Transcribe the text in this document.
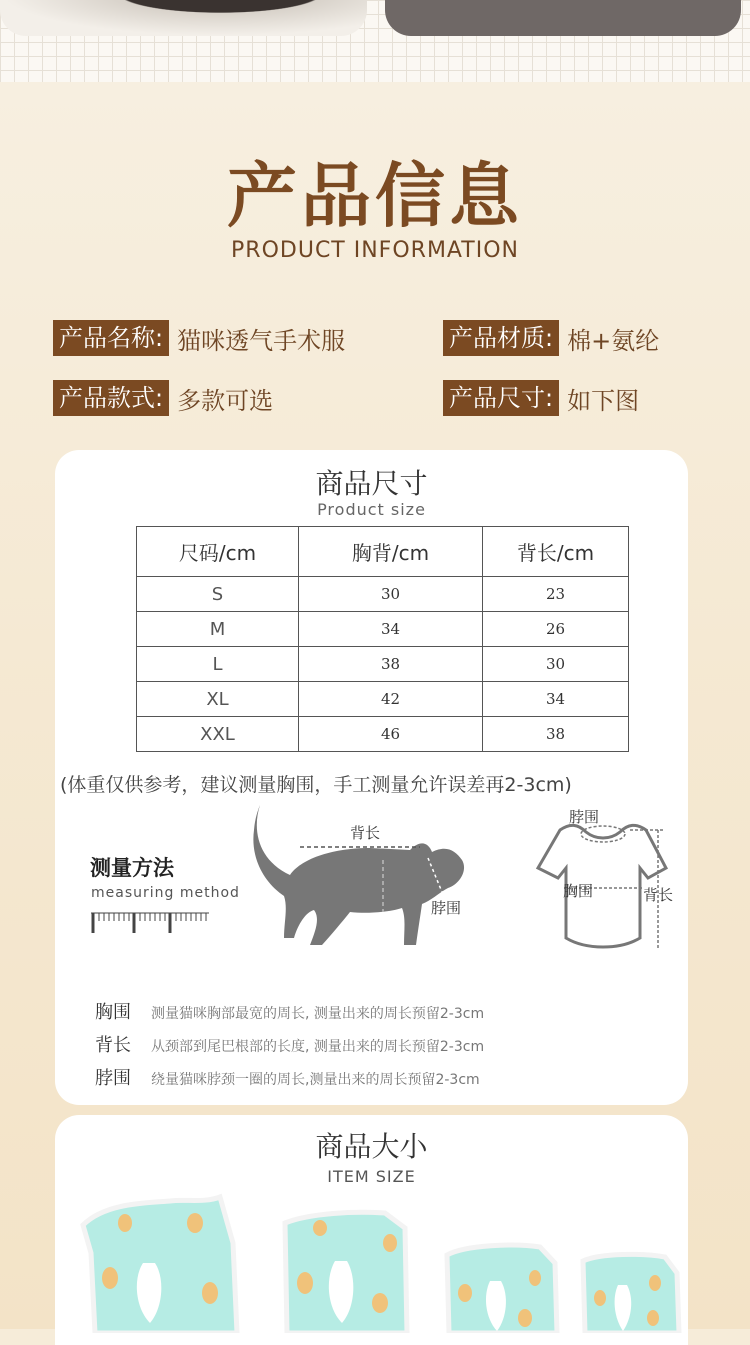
产品信息
PRODUCT INFORMATION
产品名称: 猫咪透气手术服	产品材质: 棉+氨纶
产品款式: 多款可选	产品尺寸: 如下图
商品尺寸
Product size
尺码/cm	胸背/cm	背长/cm
S	30	23
M	34	26
L	38	30
XL	42	34
XXL	46	38
(体重仅供参考，建议测量胸围，手工测量允许误差再2-3cm)
测量方法
measuring method
背长
脖围
胸围
脖围
胸围	背长
胸围	测量猫咪胸部最宽的周长, 测量出来的周长预留2-3cm
背长	从颈部到尾巴根部的长度, 测量出来的周长预留2-3cm
脖围	绕量猫咪脖颈一圈的周长,测量出来的周长预留2-3cm
商品大小
ITEM SIZE
